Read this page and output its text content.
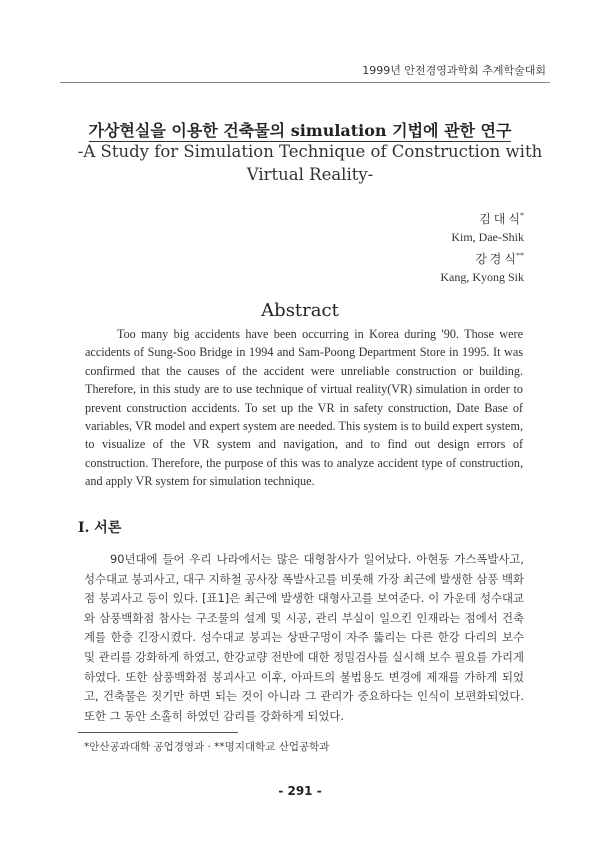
1999년 안전경영과학회 추계학술대회
가상현실을 이용한 건축물의 simulation 기법에 관한 연구
-A Study for Simulation Technique of Construction with Virtual Reality-
김 대 식*
Kim, Dae-Shik
강 경 식**
Kang, Kyong Sik
Abstract
Too many big accidents have been occurring in Korea during '90. Those were accidents of Sung-Soo Bridge in 1994 and Sam-Poong Department Store in 1995. It was confirmed that the causes of the accident were unreliable construction or building. Therefore, in this study are to use technique of virtual reality(VR) simulation in order to prevent construction accidents. To set up the VR in safety construction, Date Base of variables, VR model and expert system are needed. This system is to build expert system, to visualize of the VR system and navigation, and to find out design errors of construction. Therefore, the purpose of this was to analyze accident type of construction, and apply VR system for simulation technique.
I. 서론
90년대에 들어 우리 나라에서는 많은 대형참사가 일어났다. 아현동 가스폭발사고, 성수대교 붕괴사고, 대구 지하철 공사장 폭발사고를 비롯해 가장 최근에 발생한 삼풍 백화점 붕괴사고 등이 있다. [표1]은 최근에 발생한 대형사고를 보여준다. 이 가운데 성수대교와 삼풍백화점 참사는 구조물의 설계 및 시공, 관리 부실이 일으킨 인재라는 점에서 건축계를 한층 긴장시켰다. 성수대교 붕괴는 상판구멍이 자주 뚫리는 다른 한강 다리의 보수 및 관리를 강화하게 하였고, 한강교량 전반에 대한 정밀검사를 실시해 보수 필요를 가리게 하였다. 또한 삼풍백화점 붕괴사고 이후, 아파트의 불법용도 변경에 제재를 가하게 되었고, 건축물은 짓기만 하면 되는 것이 아니라 그 관리가 중요하다는 인식이 보편화되었다. 또한 그 동안 소홀히 하였던 감리를 강화하게 되었다.
*안산공과대학 공업경영과 · **명지대학교 산업공학과
- 291 -
